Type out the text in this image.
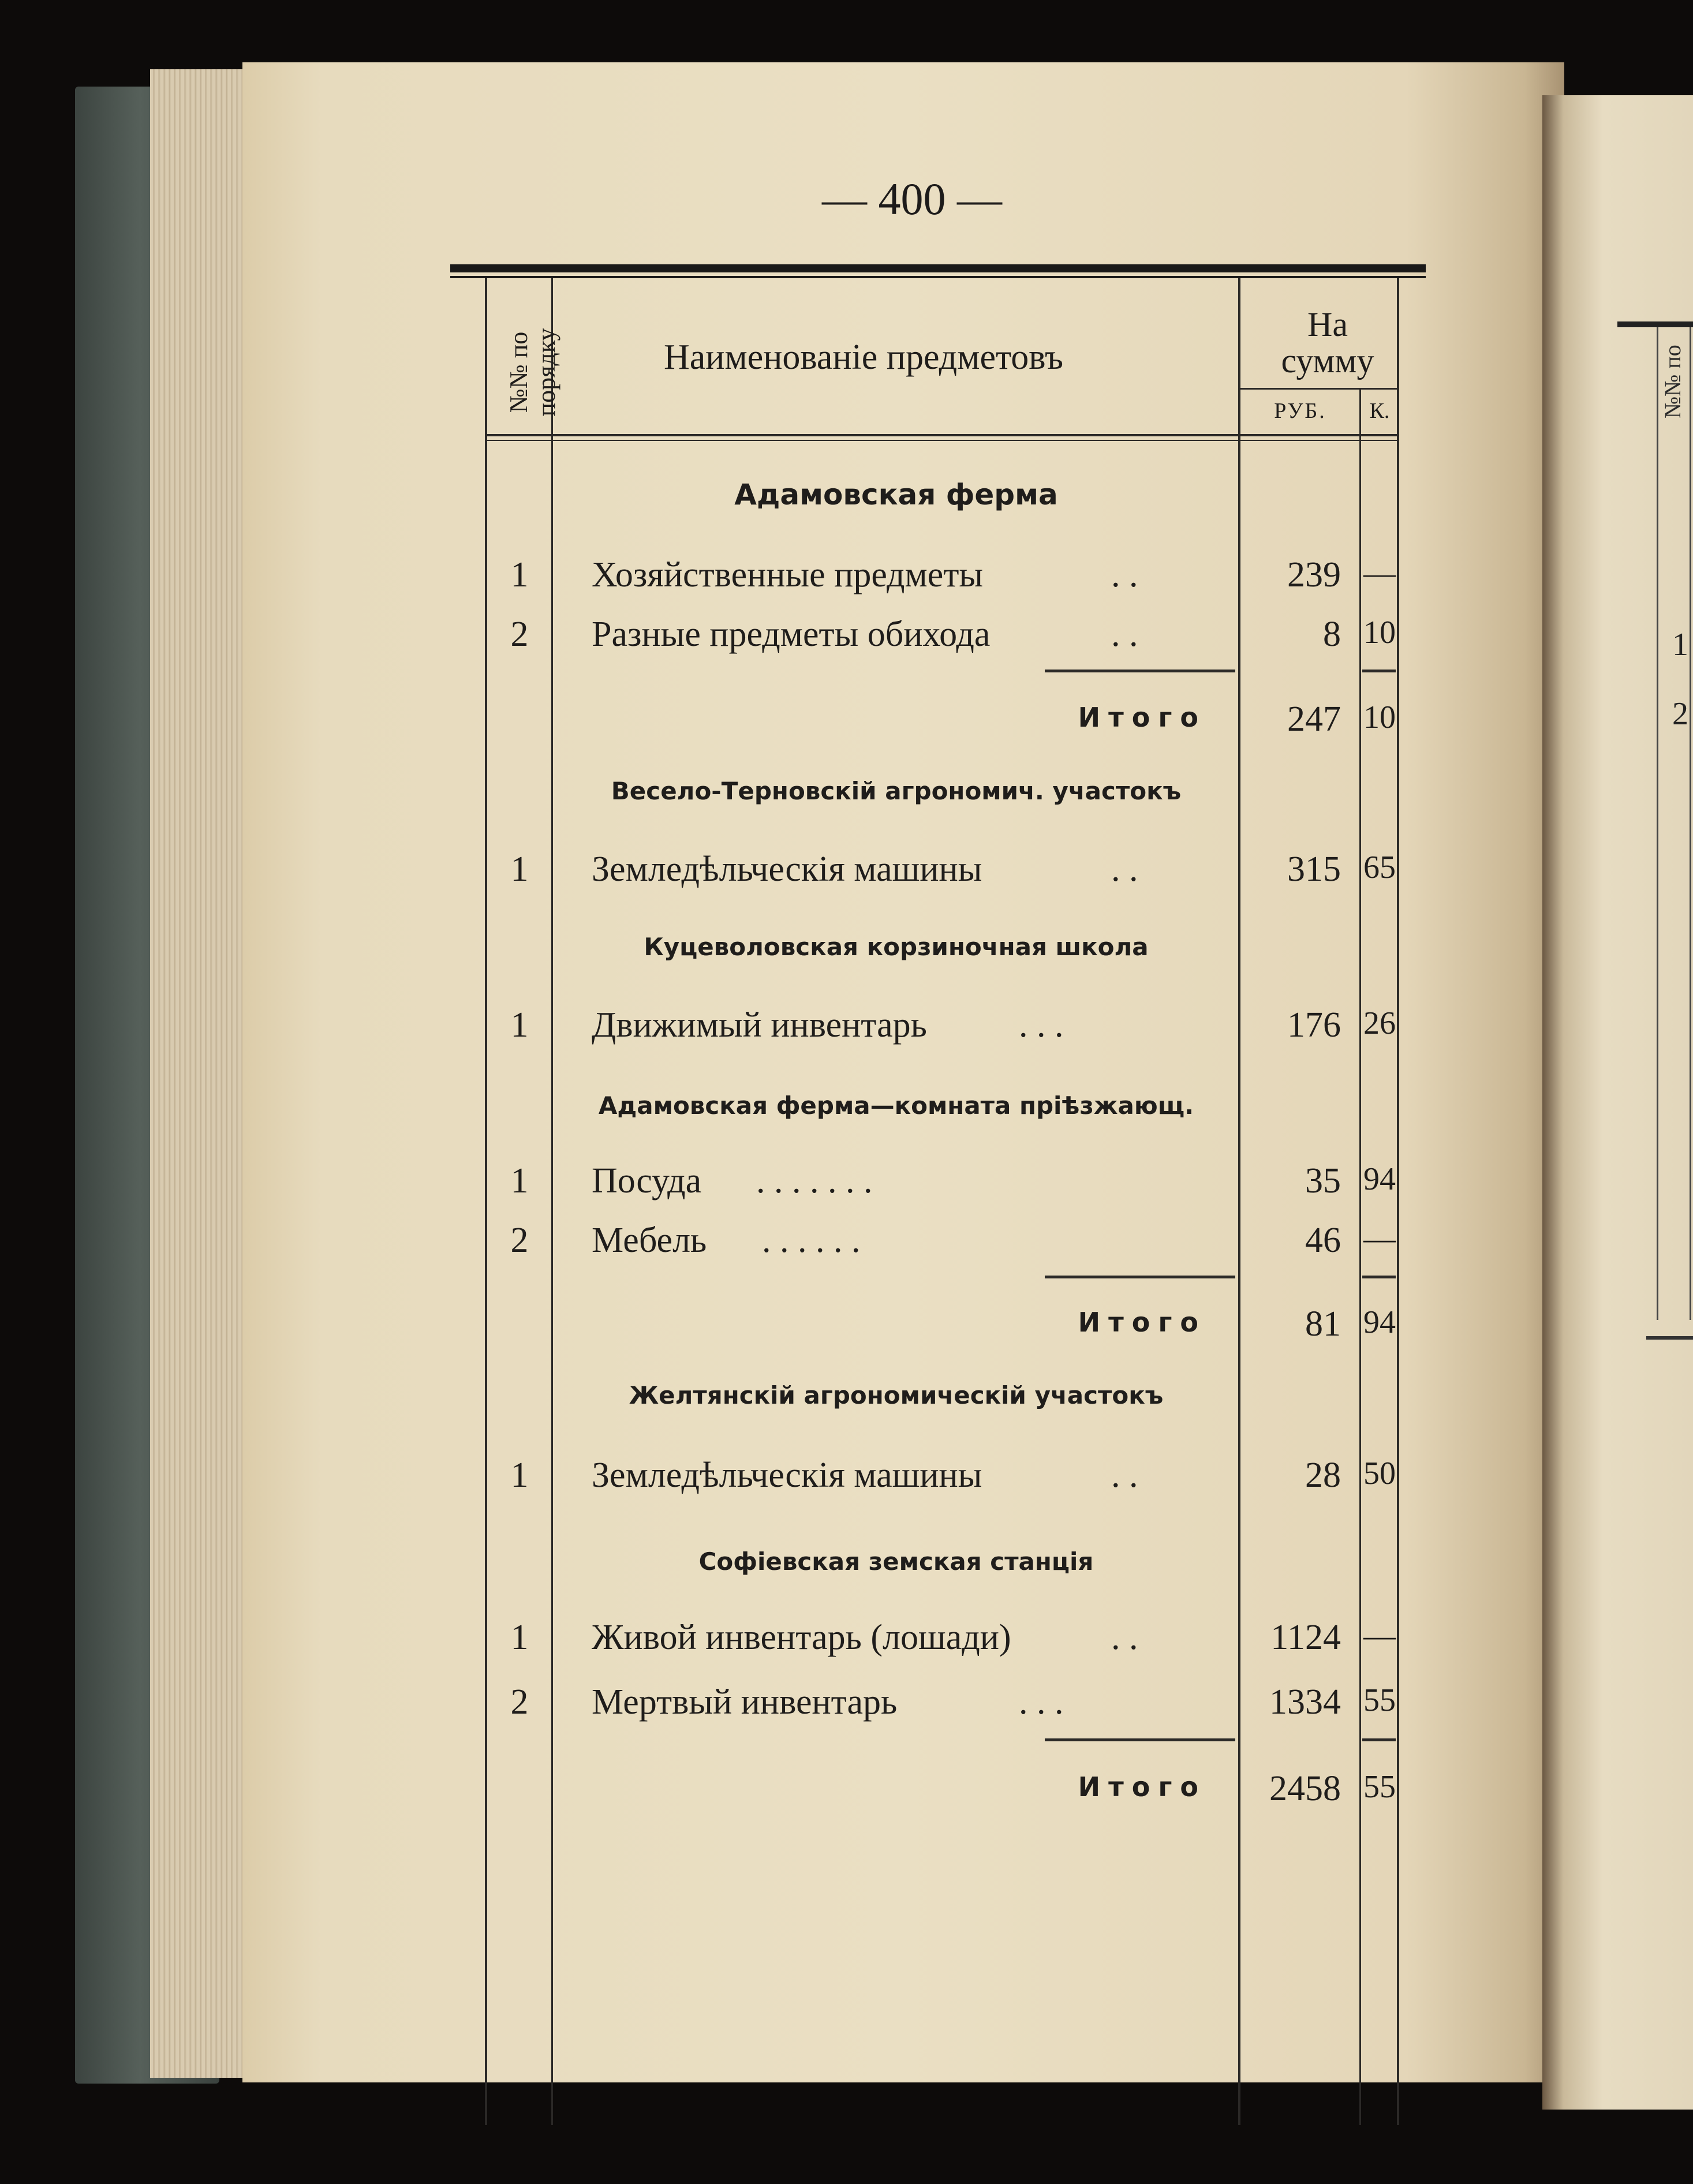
№№ по
1
2
— 400 —
№№ по порядку	Наименованіе предметовъ
На
сумму
РУБ.	К.
Адамовская ферма
1	Хозяйственные предметы	. .	239 —
2	Разные предметы обихода	. .	8 10
Итого	247 10
Весело-Терновскій агрономич. участокъ
1	Земледѣльческія машины	. .	315 65
Куцеволовская корзиночная школа
1	Движимый инвентарь	. . .	176 26
Адамовская ферма—комната пріѣзжающ.
1	Посуда . . . . . . .	35 94
2	Мебель . . . . . .	46 —
Итого	81 94
Желтянскій агрономическій участокъ
1	Земледѣльческія машины	. .	28 50
Софіевская земская станція
1	Живой инвентарь (лошади)	. .	1124 —
2	Мертвый инвентарь	. . .	1334 55
Итого	2458 55
